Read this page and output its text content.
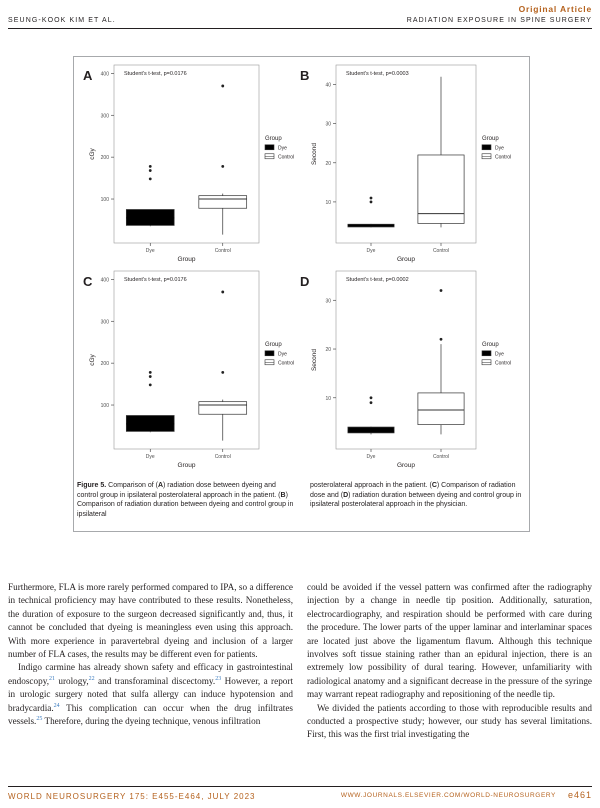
Original Article
SEUNG-KOOK KIM ET AL.	RADIATION EXPOSURE IN SPINE SURGERY
A
100
200
300
400	Student's t-test, p=0.0176
Dye	Control
Group
cGy
Group
Dye
Control
B
10
20
30
40
Student's t-test, p=0.0003
Dye	Control
Group
Second
Group
Dye
Control
C
100
200
300
400	Student's t-test, p=0.0176
Dye	Control
Group
cGy
Group
Dye
Control
D
10
20
30
Student's t-test, p=0.0002
Dye	Control
Group
Second
Group
Dye
Control
Figure 5. Comparison of (A) radiation dose between dyeing and control group in ipsilateral posterolateral approach in the patient. (B) Comparison of radiation duration between dyeing and control group in ipsilateral
posterolateral approach in the patient. (C) Comparison of radiation dose and (D) radiation duration between dyeing and control group in ipsilateral posterolateral approach in the physician.

Furthermore, FLA is more rarely performed compared to IPA, so a difference in technical proficiency may have contributed to these results. Nonetheless, the duration of exposure to the surgeon decreased significantly and, thus, it cannot be concluded that dyeing is meaningless even using this approach. With more experience in paravertebral dyeing and inclusion of a larger number of FLA cases, the results may be different even for patients.

Indigo carmine has already shown safety and efficacy in gastrointestinal endoscopy,$^{21}$ urology,$^{22}$ and transforaminal discectomy.$^{23}$ However, a report in urologic surgery noted that sulfa allergy can induce hypotension and bradycardia.$^{24}$ This complication can occur when the drug infiltrates vessels.$^{25}$ Therefore, during the dyeing technique, venous infiltration

could be avoided if the vessel pattern was confirmed after the radiography injection by a change in needle tip position. Additionally, saturation, electrocardiography, and respiration should be performed with care during the procedure. The lower parts of the upper laminar and interlaminar spaces are located just above the ligamentum flavum. Although this technique involves soft tissue staining rather than an epidural injection, there is an extremely low possibility of dural tearing. However, unfamiliarity with radiological anatomy and a significant decrease in the pressure of the syringe may warrant repeat radiography and repositioning of the needle tip.

We divided the patients according to those with reproducible results and conducted a prospective study; however, our study has several limitations. First, this was the first trial investigating the

WORLD NEUROSURGERY 175: E455-E464, JULY 2023	WWW.JOURNALS.ELSEVIER.COM/WORLD-NEUROSURGERY e461
